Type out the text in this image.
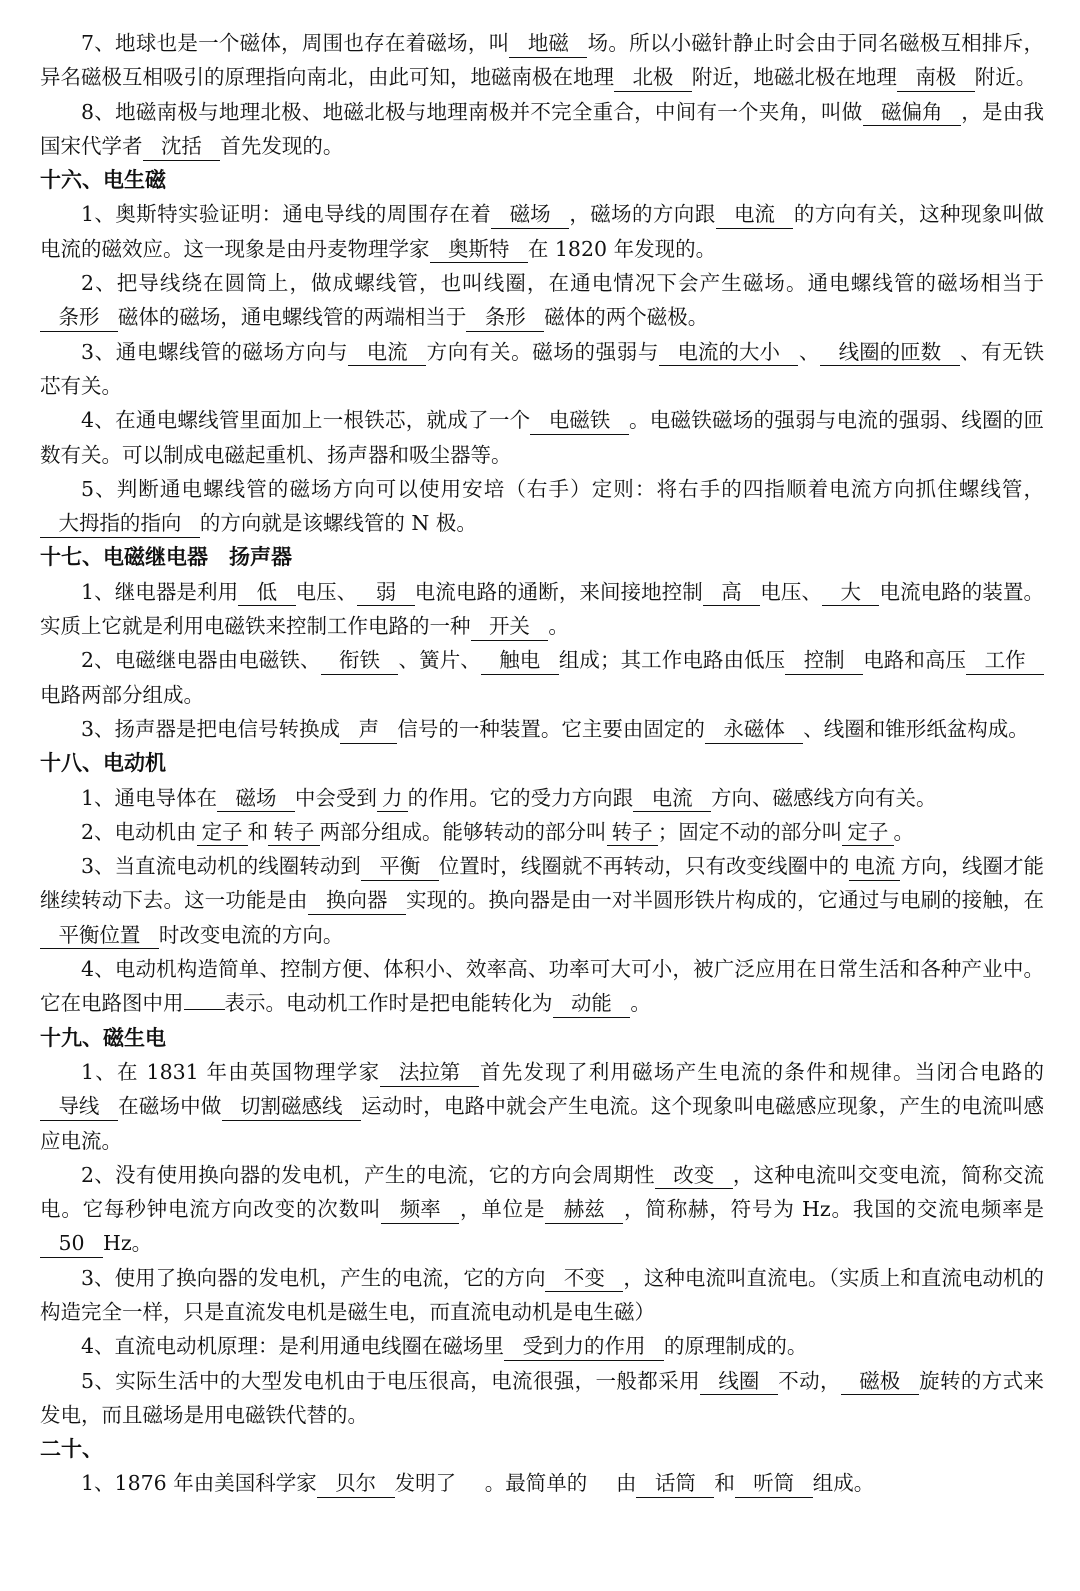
7、地球也是一个磁体，周围也存在着磁场，叫 地磁 场。所以小磁针静止时会由于同名磁极互相排斥，异名磁极互相吸引的原理指向南北，由此可知，地磁南极在地理 北极 附近，地磁北极在地理 南极 附近。
8、地磁南极与地理北极、地磁北极与地理南极并不完全重合，中间有一个夹角，叫做 磁偏角 ，是由我国宋代学者 沈括 首先发现的。
十六、电生磁
1、奥斯特实验证明：通电导线的周围存在着 磁场 ，磁场的方向跟 电流 的方向有关，这种现象叫做电流的磁效应。这一现象是由丹麦物理学家 奥斯特 在 1820 年发现的。
2、把导线绕在圆筒上，做成螺线管，也叫线圈，在通电情况下会产生磁场。通电螺线管的磁场相当于条形 磁体的磁场，通电螺线管的两端相当于 条形 磁体的两个磁极。
3、通电螺线管的磁场方向与 电流 方向有关。磁场的强弱与 电流的大小 、 线圈的匝数 、有无铁芯有关。
4、在通电螺线管里面加上一根铁芯，就成了一个 电磁铁 。电磁铁磁场的强弱与电流的强弱、线圈的匝数有关。可以制成电磁起重机、扬声器和吸尘器等。
5、判断通电螺线管的磁场方向可以使用安培（右手）定则：将右手的四指顺着电流方向抓住螺线管，大拇指的指向 的方向就是该螺线管的 N 极。
十七、电磁继电器　扬声器
1、继电器是利用 低 电压、 弱 电流电路的通断，来间接地控制 高 电压、 大 电流电路的装置。实质上它就是利用电磁铁来控制工作电路的一种 开关 。
2、电磁继电器由电磁铁、 衔铁 、簧片、 触电 组成；其工作电路由低压 控制 电路和高压 工作电路两部分组成。
3、扬声器是把电信号转换成 声 信号的一种装置。它主要由固定的 永磁体 、线圈和锥形纸盆构成。
十八、电动机
1、通电导体在 磁场 中会受到 力 的作用。它的受力方向跟 电流 方向、磁感线方向有关。
2、电动机由 定子 和 转子 两部分组成。能够转动的部分叫 转子 ；固定不动的部分叫 定子 。
3、当直流电动机的线圈转动到 平衡 位置时，线圈就不再转动，只有改变线圈中的 电流 方向，线圈才能继续转动下去。这一功能是由 换向器 实现的。换向器是由一对半圆形铁片构成的，它通过与电刷的接触，在平衡位置 时改变电流的方向。
4、电动机构造简单、控制方便、体积小、效率高、功率可大可小，被广泛应用在日常生活和各种产业中。它在电路图中用 表示。电动机工作时是把电能转化为 动能 。
十九、磁生电
1、在 1831 年由英国物理学家 法拉第 首先发现了利用磁场产生电流的条件和规律。当闭合电路的导线 在磁场中做 切割磁感线 运动时，电路中就会产生电流。这个现象叫电磁感应现象，产生的电流叫感应电流。
2、没有使用换向器的发电机，产生的电流，它的方向会周期性 改变 ，这种电流叫交变电流，简称交流电。它每秒钟电流方向改变的次数叫 频率 ，单位是 赫兹 ，简称赫，符号为 Hz。我国的交流电频率是50 Hz。
3、使用了换向器的发电机，产生的电流，它的方向 不变 ，这种电流叫直流电。（实质上和直流电动机的构造完全一样，只是直流发电机是磁生电，而直流电动机是电生磁）
4、直流电动机原理：是利用通电线圈在磁场里 受到力的作用 的原理制成的。
5、实际生活中的大型发电机由于电压很高，电流很强，一般都采用 线圈 不动， 磁极 旋转的方式来发电，而且磁场是用电磁铁代替的。
二十、
1、1876 年由美国科学家 贝尔 发明了 。最简单的 由 话筒 和 听筒 组成。
